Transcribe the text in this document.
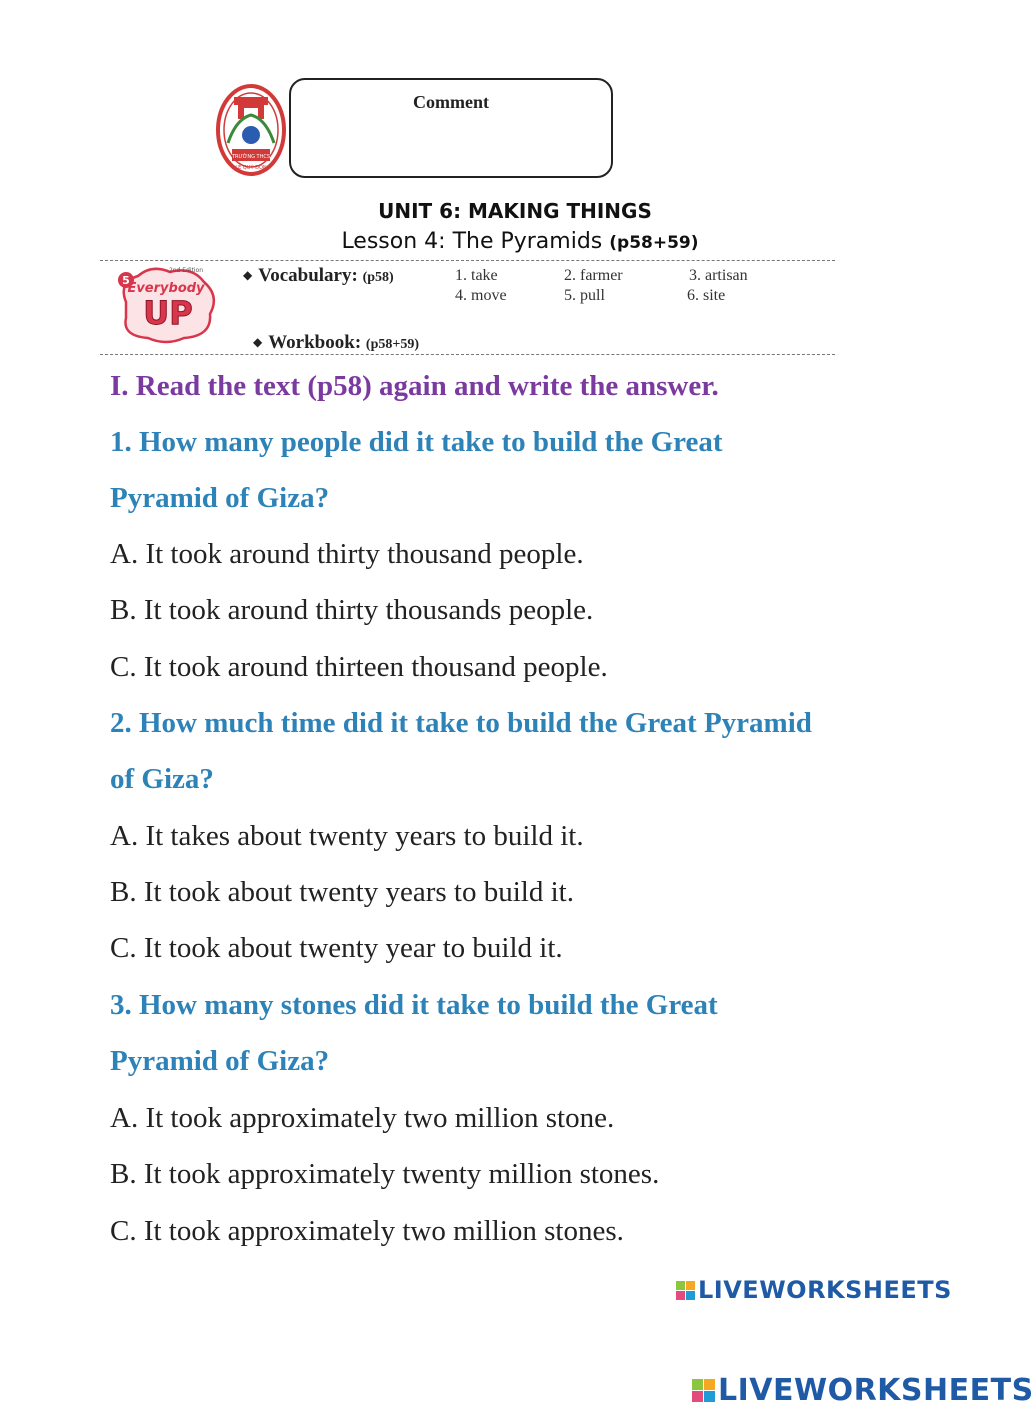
TRƯỜNG THCS
LÊ QUÝ ĐÔN
Comment
UNIT 6: MAKING THINGS
Lesson 4: The Pyramids (p58+59)
5
2nd Edition
Everybody
UP
◆ Vocabulary: (p58)	1. take	2. farmer	3. artisan
4. move	5. pull	6. site
◆ Workbook: (p58+59)
I. Read the text (p58) again and write the answer.
1. How many people did it take to build the Great
Pyramid of Giza?
A. It took around thirty thousand people.
B. It took around thirty thousands people.
C. It took around thirteen thousand people.
2. How much time did it take to build the Great Pyramid
of Giza?
A. It takes about twenty years to build it.
B. It took about twenty years to build it.
C. It took about twenty year to build it.
3. How many stones did it take to build the Great
Pyramid of Giza?
A. It took approximately two million stone.
B. It took approximately twenty million stones.
C. It took approximately two million stones.
LIVEWORKSHEETS
LIVEWORKSHEETS
